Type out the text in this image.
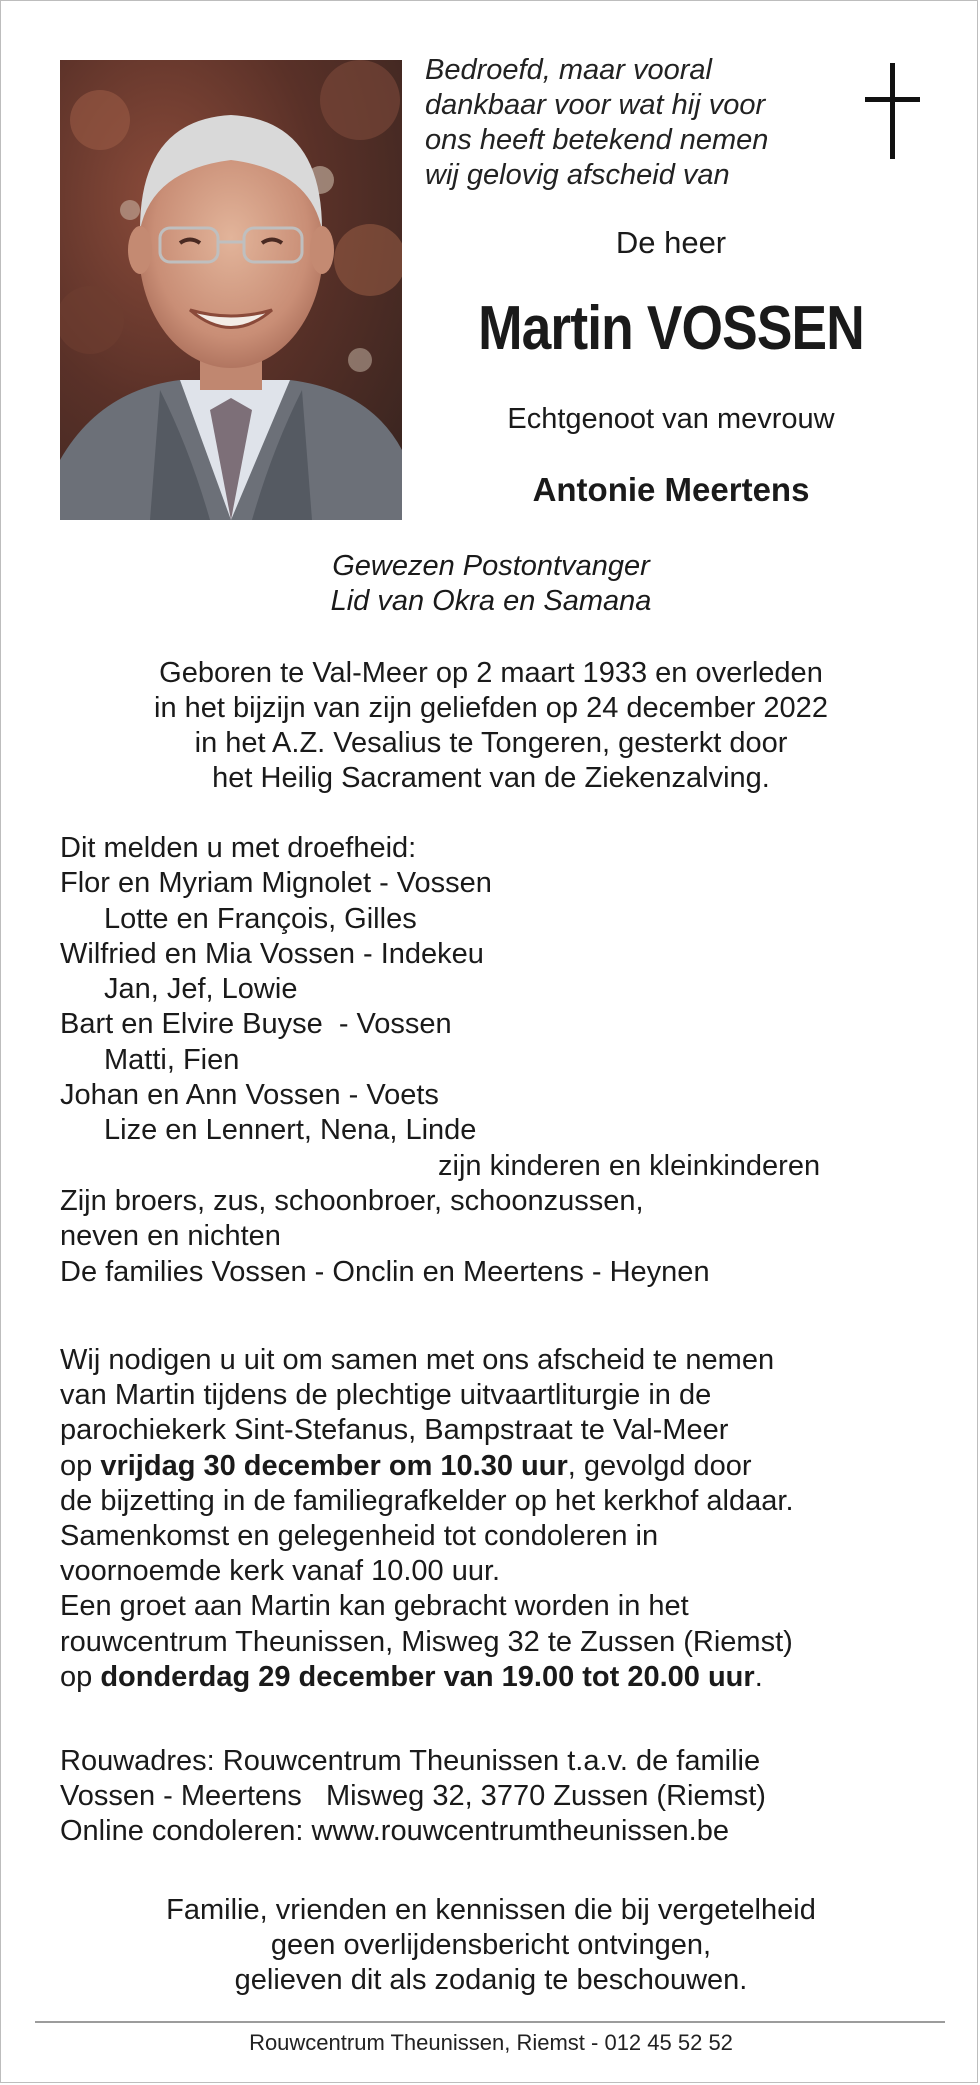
Bedroefd, maar vooral
dankbaar voor wat hij voor
ons heeft betekend nemen
wij gelovig afscheid van
De heer
Martin VOSSEN
Echtgenoot van mevrouw
Antonie Meertens
Gewezen Postontvanger
Lid van Okra en Samana
Geboren te Val-Meer op 2 maart 1933 en overleden
in het bijzijn van zijn geliefden op 24 december 2022
in het A.Z. Vesalius te Tongeren, gesterkt door
het Heilig Sacrament van de Ziekenzalving.
Dit melden u met droefheid:
Flor en Myriam Mignolet - Vossen
Lotte en François, Gilles
Wilfried en Mia Vossen - Indekeu
Jan, Jef, Lowie
Bart en Elvire Buyse  - Vossen
Matti, Fien
Johan en Ann Vossen - Voets
Lize en Lennert, Nena, Linde
zijn kinderen en kleinkinderen
Zijn broers, zus, schoonbroer, schoonzussen,
neven en nichten
De families Vossen - Onclin en Meertens - Heynen
Wij nodigen u uit om samen met ons afscheid te nemen
van Martin tijdens de plechtige uitvaartliturgie in de
parochiekerk Sint-Stefanus, Bampstraat te Val-Meer
op vrijdag 30 december om 10.30 uur, gevolgd door
de bijzetting in de familiegrafkelder op het kerkhof aldaar.
Samenkomst en gelegenheid tot condoleren in
voornoemde kerk vanaf 10.00 uur.
Een groet aan Martin kan gebracht worden in het
rouwcentrum Theunissen, Misweg 32 te Zussen (Riemst)
op donderdag 29 december van 19.00 tot 20.00 uur.
Rouwadres: Rouwcentrum Theunissen t.a.v. de familie
Vossen - Meertens   Misweg 32, 3770 Zussen (Riemst)
Online condoleren: www.rouwcentrumtheunissen.be
Familie, vrienden en kennissen die bij vergetelheid
geen overlijdensbericht ontvingen,
gelieven dit als zodanig te beschouwen.
Rouwcentrum Theunissen, Riemst - 012 45 52 52
